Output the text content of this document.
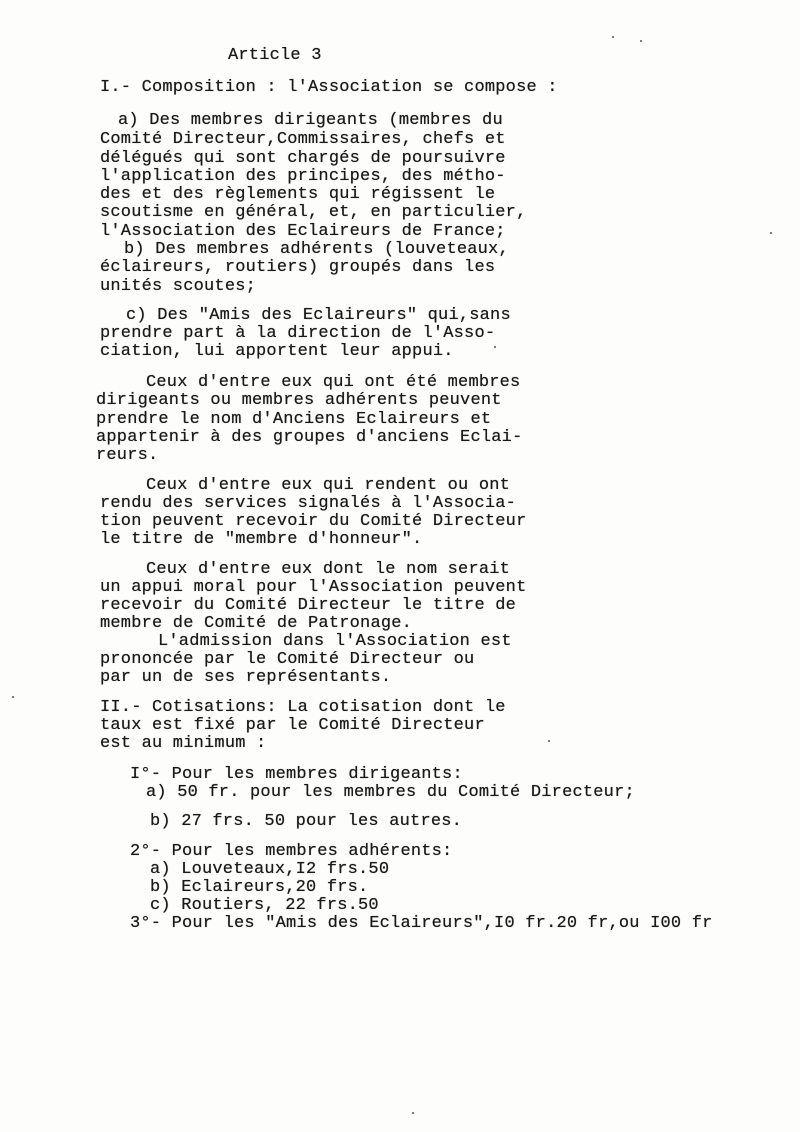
Article 3
I.- Composition : l'Association se compose :
a) Des membres dirigeants (membres du
Comité Directeur,Commissaires, chefs et
délégués qui sont chargés de poursuivre
l'application des principes, des métho-
des et des règlements qui régissent le
scoutisme en général, et, en particulier,
l'Association des Eclaireurs de France;
b) Des membres adhérents (louveteaux,
éclaireurs, routiers) groupés dans les
unités scoutes;
c) Des "Amis des Eclaireurs" qui,sans
prendre part à la direction de l'Asso-
ciation, lui apportent leur appui.
Ceux d'entre eux qui ont été membres
dirigeants ou membres adhérents peuvent
prendre le nom d'Anciens Eclaireurs et
appartenir à des groupes d'anciens Eclai-
reurs.
Ceux d'entre eux qui rendent ou ont
rendu des services signalés à l'Associa-
tion peuvent recevoir du Comité Directeur
le titre de "membre d'honneur".
Ceux d'entre eux dont le nom serait
un appui moral pour l'Association peuvent
recevoir du Comité Directeur le titre de
membre de Comité de Patronage.
L'admission dans l'Association est
prononcée par le Comité Directeur ou
par un de ses représentants.
II.- Cotisations: La cotisation dont le
taux est fixé par le Comité Directeur
est au minimum :
I°- Pour les membres dirigeants:
a) 50 fr. pour les membres du Comité Directeur;
b) 27 frs. 50 pour les autres.
2°- Pour les membres adhérents:
a) Louveteaux,I2 frs.50
b) Eclaireurs,20 frs.
c) Routiers, 22 frs.50
3°- Pour les "Amis des Eclaireurs",I0 fr.20 fr,ou I00 fr
